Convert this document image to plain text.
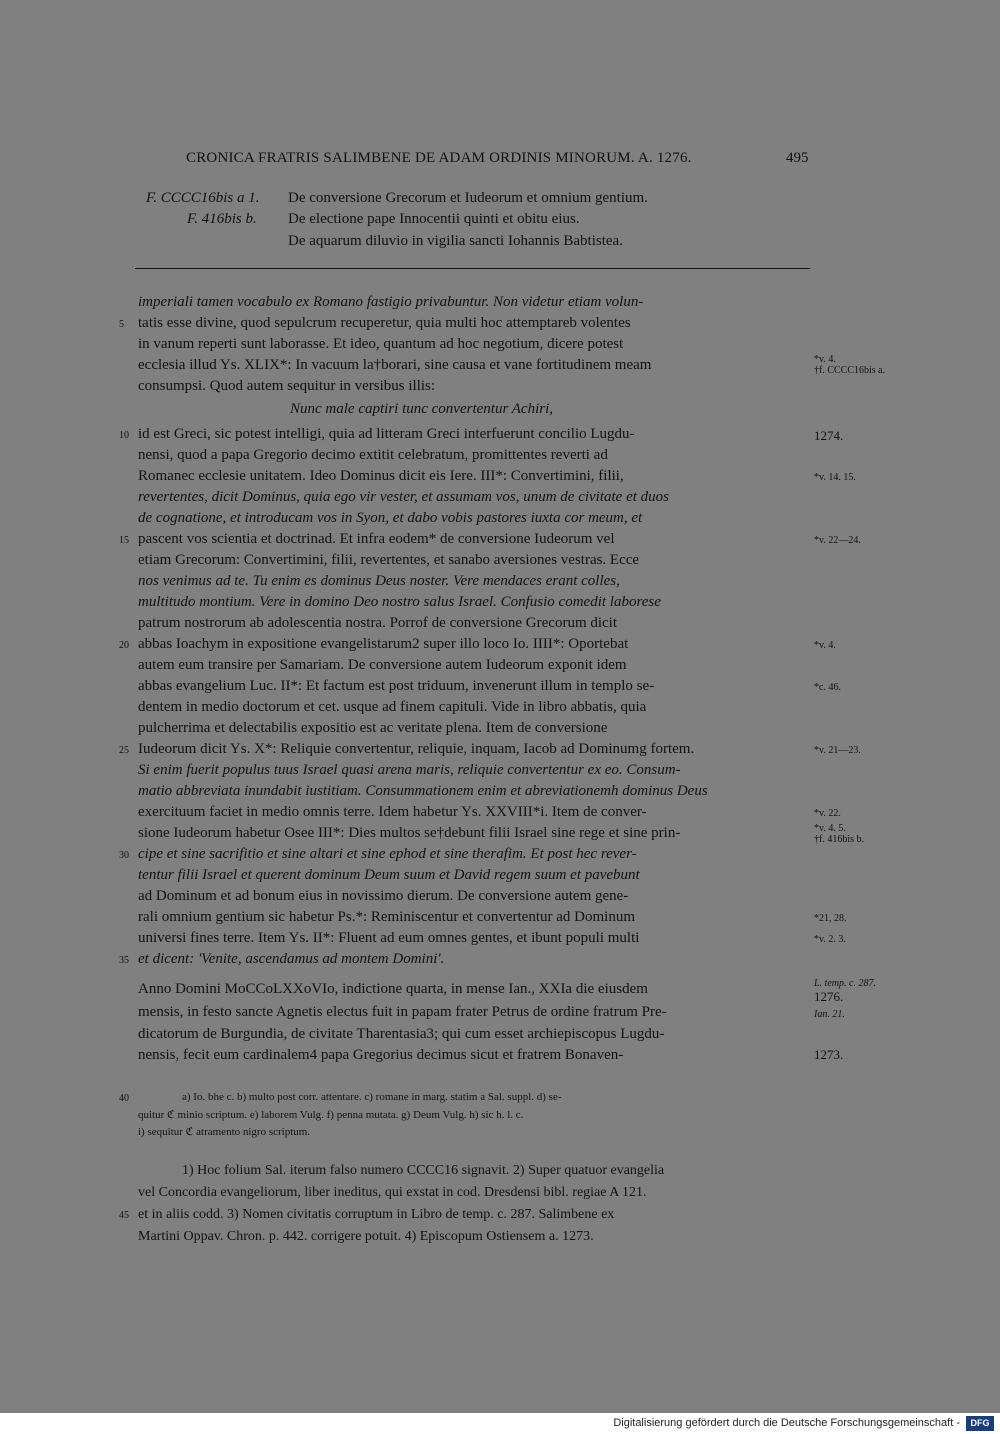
CRONICA FRATRIS SALIMBENE DE ADAM ORDINIS MINORUM. A. 1276.	495
F. CCCC16bis a 1. De conversione Grecorum et Iudeorum et omnium gentium.
F. 416bis b. De electione pape Innocentii quinti et obitu eius.
De aquarum diluvio in vigilia sancti Iohannis Babtistea.
imperiali tamen vocabulo ex Romano fastigio privabuntur. Non videtur etiam volun-
tatis esse divine, quod sepulcrum recuperetur, quia multi hoc attemptareb volentes
in vanum reperti sunt laborasse. Et ideo, quantum ad hoc negotium, dicere potest
ecclesia illud Ys. XLIX*: In vacuum la†borari, sine causa et vane fortitudinem meam
consumpsi. Quod autem sequitur in versibus illis:
Nunc male captiri tunc convertentur Achiri,
id est Greci, sic potest intelligi, quia ad litteram Greci interfuerunt concilio Lugdu-
nensi, quod a papa Gregorio decimo extitit celebratum, promittentes reverti ad
Romanec ecclesie unitatem. Ideo Dominus dicit eis Iere. III*: Convertimini, filii,
revertentes, dicit Dominus, quia ego vir vester, et assumam vos, unum de civitate et duos
de cognatione, et introducam vos in Syon, et dabo vobis pastores iuxta cor meum, et
pascent vos scientia et doctrinad. Et infra eodem* de conversione Iudeorum vel
etiam Grecorum: Convertimini, filii, revertentes, et sanabo aversiones vestras. Ecce
nos venimus ad te. Tu enim es dominus Deus noster. Vere mendaces erant colles,
multitudo montium. Vere in domino Deo nostro salus Israel. Confusio comedit laborese
patrum nostrorum ab adolescentia nostra. Porrof de conversione Grecorum dicit
abbas Ioachym in expositione evangelistarum2 super illo loco Io. IIII*: Oportebat
autem eum transire per Samariam. De conversione autem Iudeorum exponit idem
abbas evangelium Luc. II*: Et factum est post triduum, invenerunt illum in templo se-
dentem in medio doctorum et cet. usque ad finem capituli. Vide in libro abbatis, quia
pulcherrima et delectabilis expositio est ac veritate plena. Item de conversione
Iudeorum dicit Ys. X*: Reliquie convertentur, reliquie, inquam, Iacob ad Dominumg fortem.
Si enim fuerit populus tuus Israel quasi arena maris, reliquie convertentur ex eo. Consum-
matio abbreviata inundabit iustitiam. Consummationem enim et abreviationemh dominus Deus
exercituum faciet in medio omnis terre. Idem habetur Ys. XXVIII*i. Item de conver-
sione Iudeorum habetur Osee III*: Dies multos se†debunt filii Israel sine rege et sine prin-
cipe et sine sacrifitio et sine altari et sine ephod et sine therafim. Et post hec rever-
tentur filii Israel et querent dominum Deum suum et David regem suum et pavebunt
ad Dominum et ad bonum eius in novissimo dierum. De conversione autem gene-
rali omnium gentium sic habetur Ps.*: Reminiscentur et convertentur ad Dominum
universi fines terre. Item Ys. II*: Fluent ad eum omnes gentes, et ibunt populi multi
et dicent: 'Venite, ascendamus ad montem Domini'.
Anno Domini MoCCoLXXoVIo, indictione quarta, in mense Ian., XXIa die eiusdem
mensis, in festo sancte Agnetis electus fuit in papam frater Petrus de ordine fratrum Pre-
dicatorum de Burgundia, de civitate Tharentasia3; qui cum esset archiepiscopus Lugdu-
nensis, fecit eum cardinalem4 papa Gregorius decimus sicut et fratrem Bonaven-
5
10
15
20
25
30
35
40
45
*v. 4.
†f. CCCC16bis a.
1274.
*v. 14. 15.
*v. 22—24.
*v. 4.
*c. 46.
*v. 21—23.
*v. 22.
*v. 4. 5.
†f. 416bis b.
*21, 28.
*v. 2. 3.
L. temp. c. 287.
1276.
Ian. 21.
1273.
a) Io. bhe c. b) multo post corr. attentare. c) romane in marg. statim a Sal. suppl. d) se-
quitur ℭ minio scriptum. e) laborem Vulg. f) penna mutata. g) Deum Vulg. h) sic h. l. c.
i) sequitur ℭ atramento nigro scriptum.
1) Hoc folium Sal. iterum falso numero CCCC16 signavit. 2) Super quatuor evangelia
vel Concordia evangeliorum, liber ineditus, qui exstat in cod. Dresdensi bibl. regiae A 121.
et in aliis codd. 3) Nomen civitatis corruptum in Libro de temp. c. 287. Salimbene ex
Martini Oppav. Chron. p. 442. corrigere potuit. 4) Episcopum Ostiensem a. 1273.
Digitalisierung gefördert durch die Deutsche Forschungsgemeinschaft -	DFG
